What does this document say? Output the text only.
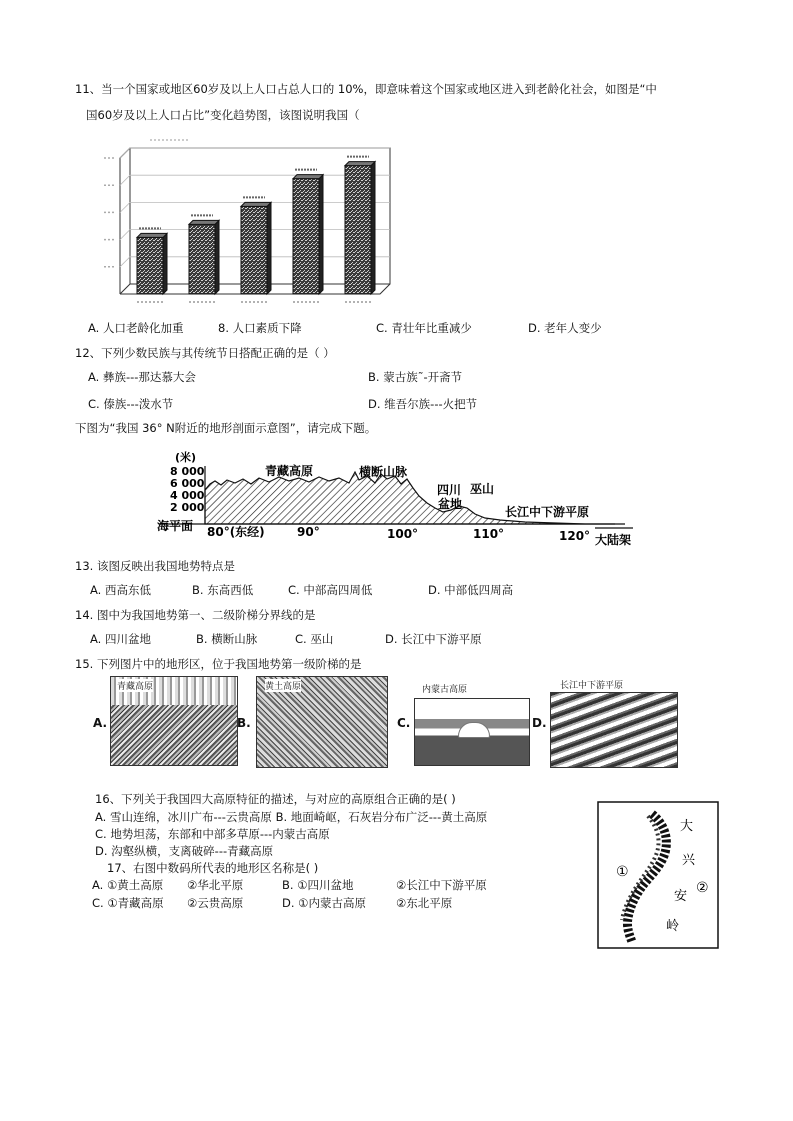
11、当一个国家或地区60岁及以上人口占总人口的 10%，即意味着这个国家或地区进入到老龄化社会，如图是“中
国60岁及以上人口占比”变化趋势图，该图说明我国（
A. 人口老龄化加重	8. 人口素质下降	C. 青壮年比重减少	D. 老年人变少
12、下列少数民族与其传统节日搭配正确的是（ ）
A. 彝族---那达慕大会	B. 蒙古族˜-开斋节
C. 傣族---泼水节	D. 维吾尔族---火把节
下图为“我国 36° N附近的地形剖面示意图”，请完成下题。
(米)
8 000
6 000
4 000
2 000
青藏高原	横断山脉
四川
盆地
巫山
长江中下游平原
海平面 80°(东经)	90°	100°	110°	120° 大陆架
13. 该图反映出我国地势特点是
A. 西高东低	B. 东高西低	C. 中部高四周低	D. 中部低四周高
14. 图中为我国地势第一、二级阶梯分界线的是
A. 四川盆地	B. 横断山脉	C. 巫山	D. 长江中下游平原
15. 下列图片中的地形区，位于我国地势第一级阶梯的是
A.
青藏高原
B.
黄土高原
C.
内蒙古高原
D.
长江中下游平原
16、下列关于我国四大高原特征的描述，与对应的高原组合正确的是( )
A. 雪山连绵，冰川广布---云贵高原 B. 地面崎岖，石灰岩分布广泛---黄土高原
C. 地势坦荡，东部和中部多草原---内蒙古高原
D. 沟壑纵横，支离破碎---青藏高原
17、右图中数码所代表的地形区名称是( )
A. ①黄土高原 ②华北平原	B. ①四川盆地	②长江中下游平原
C. ①青藏高原 ②云贵高原	D. ①内蒙古高原	②东北平原
大
兴
安
岭
①
②
